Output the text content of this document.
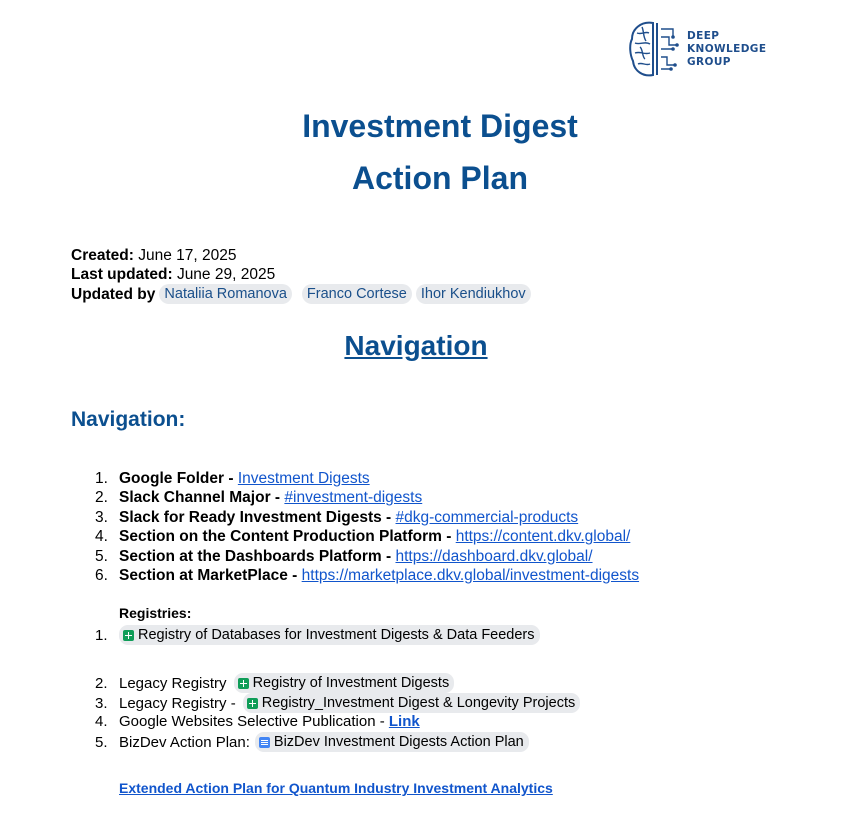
DEEP
KNOWLEDGE
GROUP
Investment Digest
Action Plan
Created: June 17, 2025
Last updated: June 29, 2025
Updated by Nataliia Romanova	Franco Cortese Ihor Kendiukhov
Navigation
Navigation:
1. Google Folder -
Investment Digests
2. Slack Channel Major -
#investment-digests
3. Slack for Ready Investment Digests -
#dkg-commercial-products
4. Section on the Content Production Platform -
https://content.dkv.global/
5. Section at the Dashboards Platform -
https://dashboard.dkv.global/
6. Section at MarketPlace -
https://marketplace.dkv.global/investment-digests
Registries:
1.	Registry of Databases for Investment Digests & Data Feeders
2. Legacy Registry Registry of Investment Digests
3. Legacy Registry - Registry_Investment Digest & Longevity Projects
4. Google Websites Selective Publication -
Link
5. BizDev Action Plan: BizDev Investment Digests Action Plan
Extended Action Plan for Quantum Industry Investment Analytics
